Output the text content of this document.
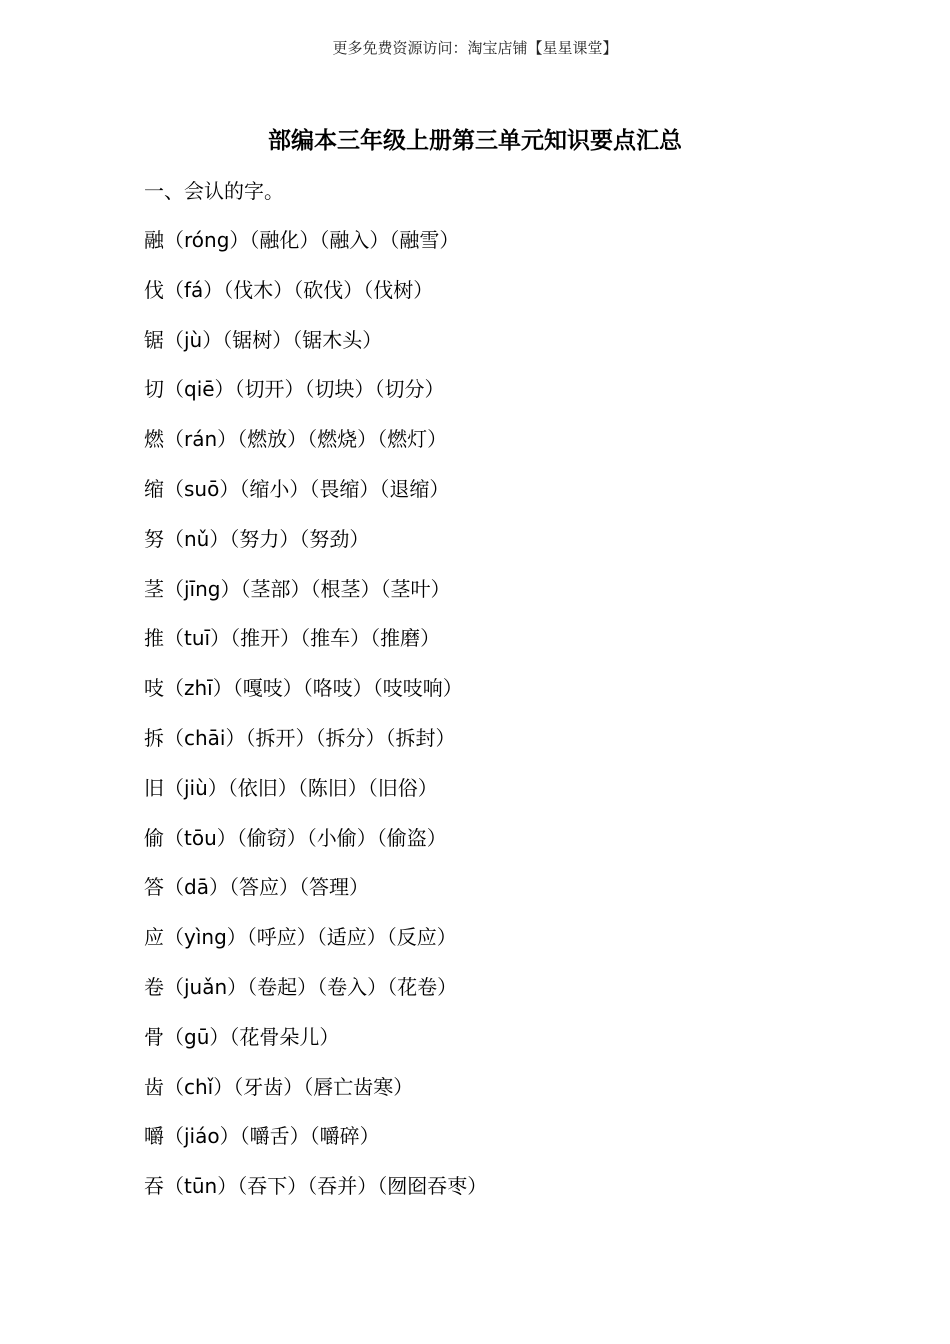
更多免费资源访问：淘宝店铺【星星课堂】
部编本三年级上册第三单元知识要点汇总
一、会认的字。
融（róng）（融化）（融入）（融雪）
伐（fá）（伐木）（砍伐）（伐树）
锯（jù）（锯树）（锯木头）
切（qiē）（切开）（切块）（切分）
燃（rán）（燃放）（燃烧）（燃灯）
缩（suō）（缩小）（畏缩）（退缩）
努（nǔ）（努力）（努劲）
茎（jīng）（茎部）（根茎）（茎叶）
推（tuī）（推开）（推车）（推磨）
吱（zhī）（嘎吱）（咯吱）（吱吱响）
拆（chāi）（拆开）（拆分）（拆封）
旧（jiù）（依旧）（陈旧）（旧俗）
偷（tōu）（偷窃）（小偷）（偷盗）
答（dā）（答应）（答理）
应（yìng）（呼应）（适应）（反应）
卷（juǎn）（卷起）（卷入）（花卷）
骨（gū）（花骨朵儿）
齿（chǐ）（牙齿）（唇亡齿寒）
嚼（jiáo）（嚼舌）（嚼碎）
吞（tūn）（吞下）（吞并）（囫囵吞枣）
